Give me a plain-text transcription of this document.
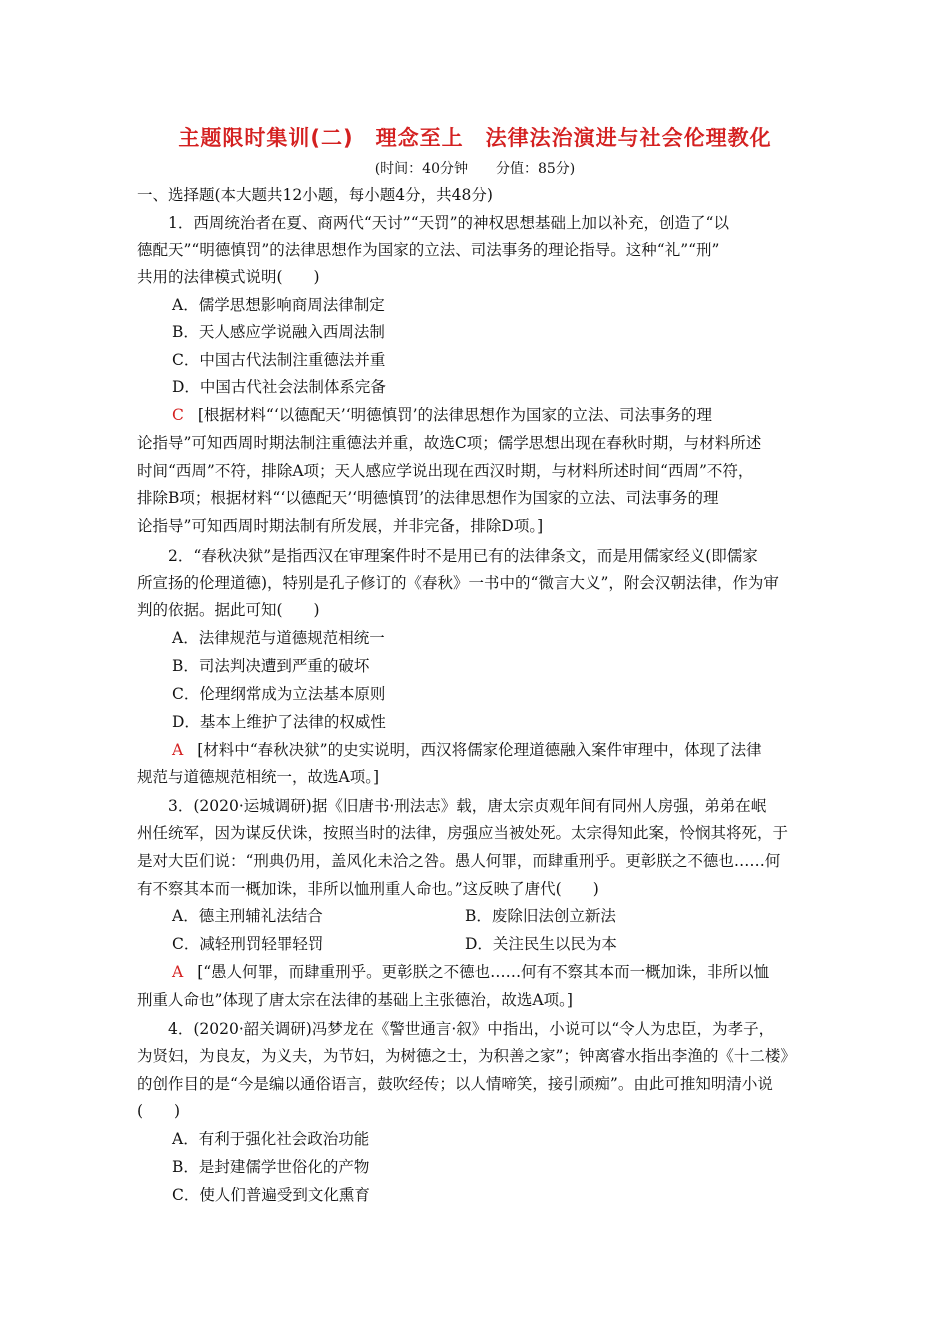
主题限时集训(二) 理念至上 法律法治演进与社会伦理教化
(时间：40分钟　　分值：85分)
一、选择题(本大题共12小题，每小题4分，共48分)
1．西周统治者在夏、商两代“天讨”“天罚”的神权思想基础上加以补充，创造了“以
德配天”“明德慎罚”的法律思想作为国家的立法、司法事务的理论指导。这种“礼”“刑”
共用的法律模式说明(　　)
A．儒学思想影响商周法律制定
B．天人感应学说融入西周法制
C．中国古代法制注重德法并重
D．中国古代社会法制体系完备
C [根据材料“‘以德配天’‘明德慎罚’的法律思想作为国家的立法、司法事务的理
论指导”可知西周时期法制注重德法并重，故选C项；儒学思想出现在春秋时期，与材料所述
时间“西周”不符，排除A项；天人感应学说出现在西汉时期，与材料所述时间“西周”不符，
排除B项；根据材料“‘以德配天’‘明德慎罚’的法律思想作为国家的立法、司法事务的理
论指导”可知西周时期法制有所发展，并非完备，排除D项。]
2．“春秋决狱”是指西汉在审理案件时不是用已有的法律条文，而是用儒家经义(即儒家
所宣扬的伦理道德)，特别是孔子修订的《春秋》一书中的“微言大义”，附会汉朝法律，作为审
判的依据。据此可知(　　)
A．法律规范与道德规范相统一
B．司法判决遭到严重的破坏
C．伦理纲常成为立法基本原则
D．基本上维护了法律的权威性
A [材料中“春秋决狱”的史实说明，西汉将儒家伦理道德融入案件审理中，体现了法律
规范与道德规范相统一，故选A项。]
3．(2020·运城调研)据《旧唐书·刑法志》载，唐太宗贞观年间有同州人房强，弟弟在岷
州任统军，因为谋反伏诛，按照当时的法律，房强应当被处死。太宗得知此案，怜悯其将死，于
是对大臣们说：“刑典仍用，盖风化未洽之咎。愚人何罪，而肆重刑乎。更彰朕之不德也……何
有不察其本而一概加诛，非所以恤刑重人命也。”这反映了唐代(　　)
A．德主刑辅礼法结合	B．废除旧法创立新法
C．减轻刑罚轻罪轻罚	D．关注民生以民为本
A [“愚人何罪，而肆重刑乎。更彰朕之不德也……何有不察其本而一概加诛，非所以恤
刑重人命也”体现了唐太宗在法律的基础上主张德治，故选A项。]
4．(2020·韶关调研)冯梦龙在《警世通言·叙》中指出，小说可以“令人为忠臣，为孝子，
为贤妇，为良友，为义夫，为节妇，为树德之士，为积善之家”；钟离睿水指出李渔的《十二楼》
的创作目的是“今是编以通俗语言，鼓吹经传；以人情啼笑，接引顽痴”。由此可推知明清小说
(　　)
A．有利于强化社会政治功能
B．是封建儒学世俗化的产物
C．使人们普遍受到文化熏育
